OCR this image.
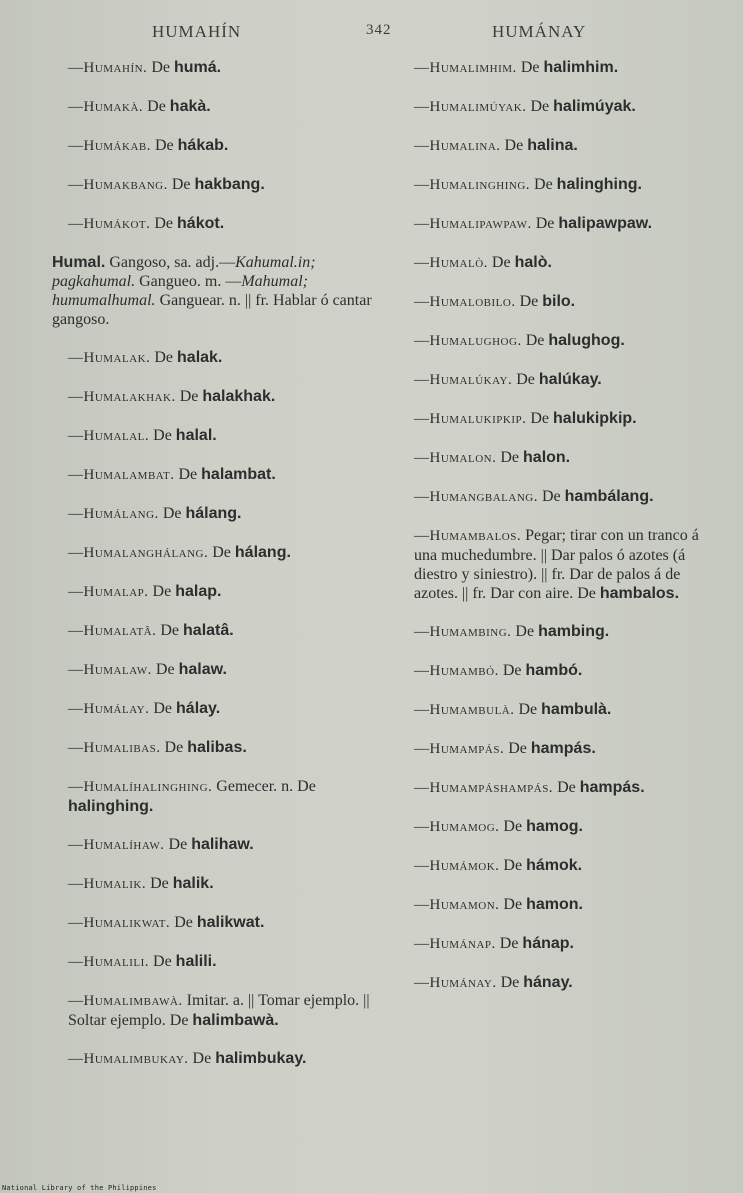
HUMAHÍN	342	HUMÁNAY

—Humahín. De humá.

—Humakà. De hakà.

—Humákab. De hákab.

—Humakbang. De hakbang.

—Humákot. De hákot.

Humal. Gangoso, sa. adj.—Kahumal.in; pagkahumal. Gangueo. m. —Mahumal; humumalhumal. Ganguear. n. || fr. Hablar ó cantar gangoso.

—Humalak. De halak.

—Humalakhak. De halakhak.

—Humalal. De halal.

—Humalambat. De halambat.

—Humálang. De hálang.

—Humalanghálang. De hálang.

—Humalap. De halap.

—Humalatâ. De halatâ.

—Humalaw. De halaw.

—Humálay. De hálay.

—Humalibas. De halibas.

—Humalíhalinghing. Gemecer. n. De halinghing.

—Humalíhaw. De halihaw.

—Humalik. De halik.

—Humalikwat. De halikwat.

—Humalili. De halili.

—Humalimbawà. Imitar. a. || Tomar ejemplo. || Soltar ejemplo. De halimbawà.

—Humalimbukay. De halimbukay.

—Humalimhim. De halimhim.

—Humalimúyak. De halimúyak.

—Humalina. De halina.

—Humalinghing. De halinghing.

—Humalipawpaw. De halipawpaw.

—Humalò. De halò.

—Humalobilo. De bilo.

—Humalughog. De halughog.

—Humalúkay. De halúkay.

—Humalukipkip. De halukipkip.

—Humalon. De halon.

—Humangbalang. De hambálang.

—Humambalos. Pegar; tirar con un tranco á una muchedumbre. || Dar palos ó azotes (á diestro y siniestro). || fr. Dar de palos á de azotes. || fr. Dar con aire. De hambalos.

—Humambing. De hambing.

—Humambó. De hambó.

—Humambulà. De hambulà.

—Humampás. De hampás.

—Humampáshampás. De hampás.

—Humamog. De hamog.

—Humámok. De hámok.

—Humamon. De hamon.

—Humánap. De hánap.

—Humánay. De hánay.

National Library of the Philippines
